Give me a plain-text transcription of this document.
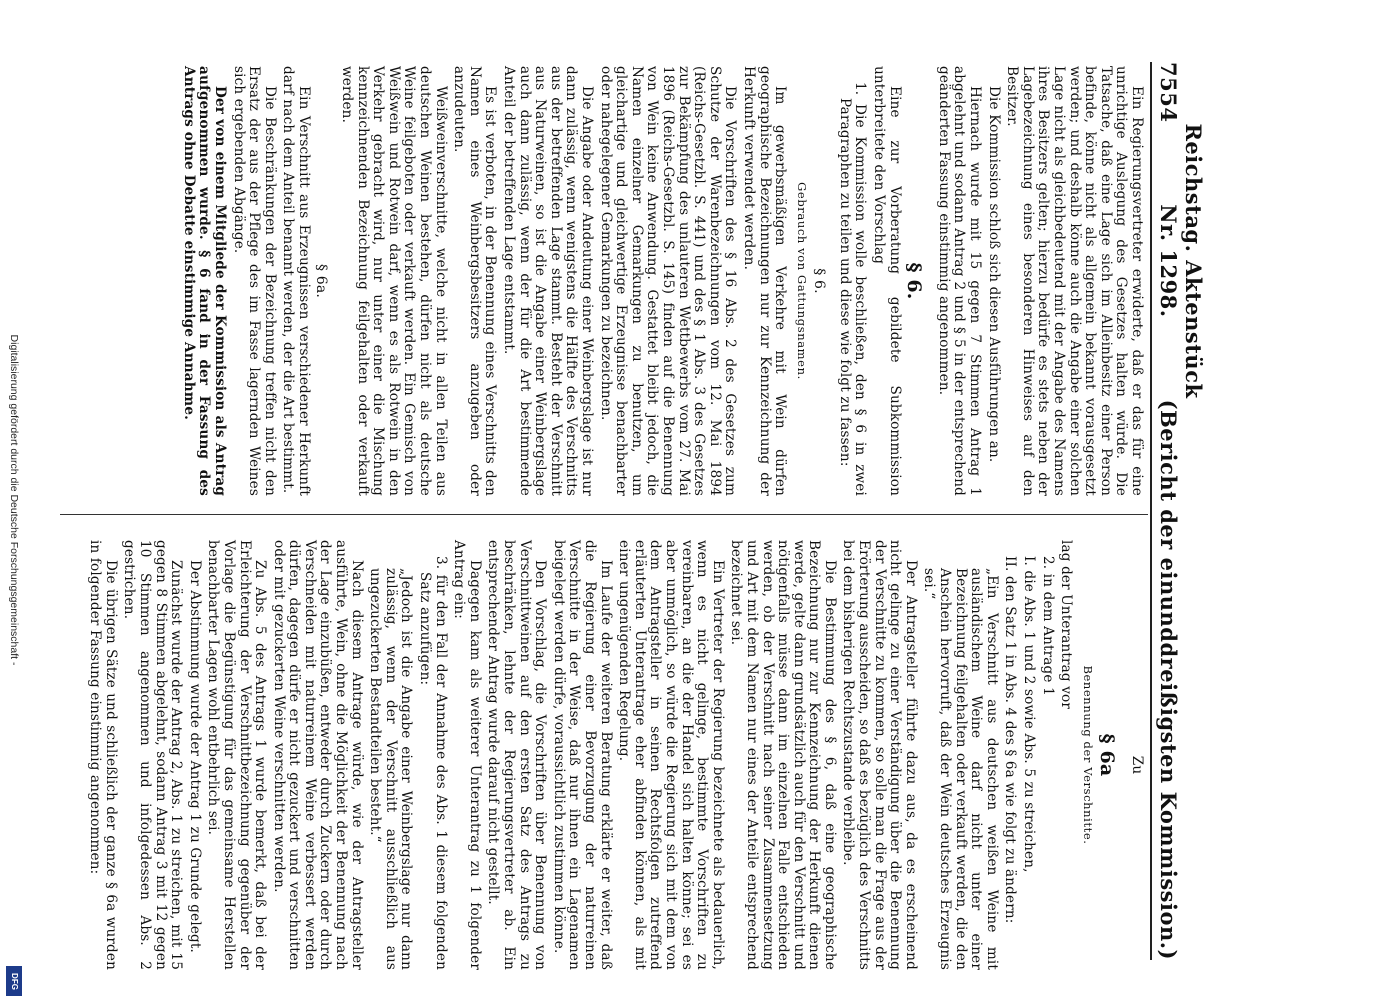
7554
Reichstag. Aktenstück Nr. 1298.
(Bericht der einunddreißigsten Kommission.)

Ein Regierungsvertreter erwiderte, daß er das für eine unrichtige Auslegung des Gesetzes halten würde. Die Tatsache, daß eine Lage sich im Alleinbesitz einer Person befinde, könne nicht als allgemein bekannt vorausgesetzt werden; und deshalb könne auch die Angabe einer solchen Lage nicht als gleichbedeutend mit der Angabe des Namens ihres Besitzers gelten; hierzu bedürfe es stets neben der Lagebezeichnung eines besonderen Hinweises auf den Besitzer.

Die Kommission schloß sich diesen Ausführungen an.

Hiernach wurde mit 15 gegen 7 Stimmen Antrag 1 abgelehnt und sodann Antrag 2 und § 5 in der entsprechend geänderten Fassung einstimmig angenommen.

§ 6.

Eine zur Vorberatung gebildete Subkommission unterbreitete den Vorschlag

1. Die Kommission wolle beschließen, den § 6 in zwei Paragraphen zu teilen und diese wie folgt zu fassen:

§ 6.
Gebrauch von Gattungsnamen.

Im gewerbsmäßigen Verkehre mit Wein dürfen geographische Bezeichnungen nur zur Kennzeichnung der Herkunft verwendet werden.

Die Vorschriften des § 16 Abs. 2 des Gesetzes zum Schutze der Warenbezeichnungen vom 12. Mai 1894 (Reichs-Gesetzbl. S. 441) und des § 1 Abs. 3 des Gesetzes zur Bekämpfung des unlauteren Wettbewerbs vom 27. Mai 1896 (Reichs-Gesetzbl. S. 145) finden auf die Benennung von Wein keine Anwendung. Gestattet bleibt jedoch, die Namen einzelner Gemarkungen zu benutzen, um gleichartige und gleichwertige Erzeugnisse benachbarter oder nahegelegener Gemarkungen zu bezeichnen.

Die Angabe oder Andeutung einer Weinbergslage ist nur dann zulässig, wenn wenigstens die Hälfte des Verschnitts aus der betreffenden Lage stammt. Besteht der Verschnitt aus Naturweinen, so ist die Angabe einer Weinbergslage auch dann zulässig, wenn der für die Art bestimmende Anteil der betreffenden Lage entstammt.

Es ist verboten, in der Benennung eines Verschnitts den Namen eines Weinbergsbesitzers anzugeben oder anzudeuten.

Weißweinverschnitte, welche nicht in allen Teilen aus deutschen Weinen bestehen, dürfen nicht als deutsche Weine feilgeboten oder verkauft werden. Ein Gemisch von Weißwein und Rotwein darf, wenn es als Rotwein in den Verkehr gebracht wird, nur unter einer die Mischung kennzeichnenden Bezeichnung feilgehalten oder verkauft werden.

§ 6a.

Ein Verschnitt aus Erzeugnissen verschiedener Herkunft darf nach dem Anteil benannt werden, der die Art bestimmt.

Die Beschränkungen der Bezeichnung treffen nicht den Ersatz der aus der Pflege des im Fasse lagernden Weines sich ergebenden Abgänge.

Der von einem Mitgliede der Kommission als Antrag aufgenommen wurde. § 6 fand in der Fassung des Antrags ohne Debatte einstimmige Annahme.

Zu

§ 6a
Benennung der Verschnitte.

lag der Unterantrag vor

2. in dem Antrage 1

I. die Abs. 1 und 2 sowie Abs. 5 zu streichen,

II. den Satz 1 in Abs. 4 des § 6a wie folgt zu ändern:

„Ein Verschnitt aus deutschen weißen Weine mit ausländischem Weine darf nicht unter einer Bezeichnung feilgehalten oder verkauft werden, die den Anschein hervorruft, daß der Wein deutsches Erzeugnis sei.“

Der Antragsteller führte dazu aus, da es erscheinend nicht gelinge zu einer Verständigung über die Benennung der Verschnitte zu kommen, so solle man die Frage aus der Erörterung ausscheiden, so daß es bezüglich des Verschnitts bei dem bisherigen Rechtszustande verbleibe.

Die Bestimmung des § 6, daß eine geographische Bezeichnung nur zur Kennzeichnung der Herkunft dienen werde, gelte dann grundsätzlich auch für den Verschnitt und nötigenfalls müsse dann im einzelnen Falle entschieden werden, ob der Verschnitt nach seiner Zusammensetzung und Art mit dem Namen nur eines der Anteile entsprechend bezeichnet sei.

Ein Vertreter der Regierung bezeichnete als bedauerlich, wenn es nicht gelinge, bestimmte Vorschriften zu vereinbaren, an die der Handel sich halten könne; sei es aber unmöglich, so würde die Regierung sich mit dem von dem Antragsteller in seinen Rechtsfolgen zutreffend erläuterten Unterantrage eher abfinden können, als mit einer ungenügenden Regelung.

Im Laufe der weiteren Beratung erklärte er weiter, daß die Regierung einer Bevorzugung der naturreinen Verschnitte in der Weise, daß nur ihnen ein Lagenamen beigelegt werden dürfe, voraussichtlich zustimmen könne.

Den Vorschlag, die Vorschriften über Benennung von Verschnittweinen auf den ersten Satz des Antrags zu beschränken, lehnte der Regierungsvertreter ab. Ein entsprechender Antrag wurde darauf nicht gestellt.

Dagegen kam als weiterer Unterantrag zu 1 folgender Antrag ein:

3. für den Fall der Annahme des Abs. 1 diesem folgenden Satz anzufügen:

„Jedoch ist die Angabe einer Weinbergslage nur dann zulässig, wenn der Verschnitt ausschließlich aus ungezuckerten Bestandteilen besteht.“

Nach diesem Antrage würde, wie der Antragsteller ausführte, Wein, ohne die Möglichkeit der Benennung nach der Lage einzubüßen, entweder durch Zuckern oder durch Verschneiden mit naturreinem Weine verbessert werden dürfen, dagegen dürfe er nicht gezuckert und verschnitten oder mit gezuckerten Weine verschnitten werden.

Zu Abs. 5 des Antrags 1 wurde bemerkt, daß bei der Erleichterung der Verschnittbezeichnung gegenüber der Vorlage die Begünstigung für das gemeinsame Herstellen benachbarter Lagen wohl entbehrlich sei.

Der Abstimmung wurde der Antrag 1 zu Grunde gelegt.

Zunächst wurde der Antrag 2, Abs. 1 zu streichen, mit 15 gegen 8 Stimmen abgelehnt, sodann Antrag 3 mit 12 gegen 10 Stimmen angenommen und infolgedessen Abs. 2 gestrichen.

Die übrigen Sätze und schließlich der ganze § 6a wurden in folgender Fassung einstimmig angenommen:

Digitalisierung gefördert durch die Deutsche Forschungsgemeinschaft -
DFG
